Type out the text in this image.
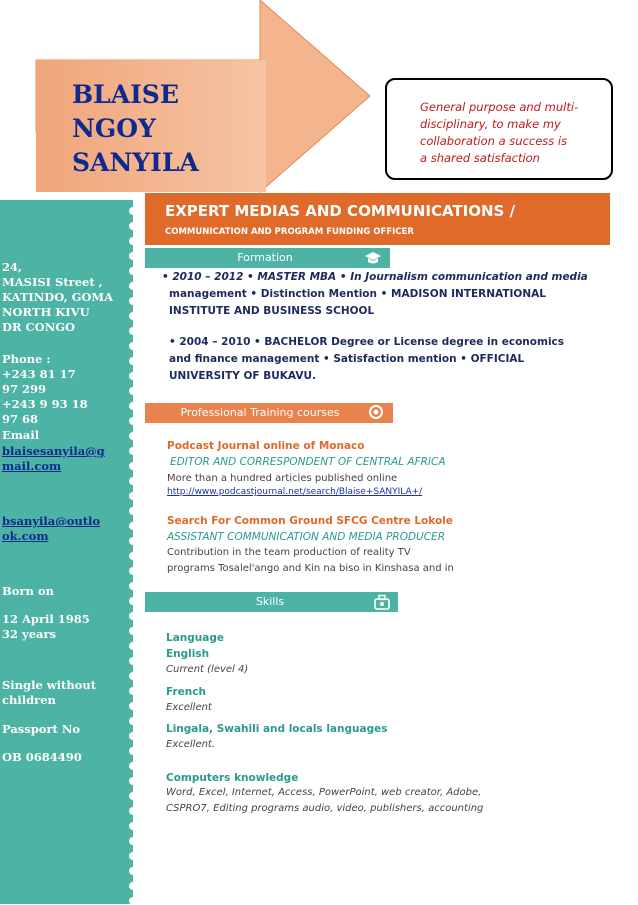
BLAISE
NGOY
SANYILA
General purpose and multi-
disciplinary, to make my
collaboration a success is
a shared satisfaction
24,
MASISI Street ,
KATINDO, GOMA
NORTH KIVU
DR CONGO
Phone :
+243 81 17
97 299
+243 9 93 18
97 68
Email
blaisesanyila@g
mail.com
bsanyila@outlo
ok.com
Born on
12 April 1985
32 years
Single without
children
Passport No
OB 0684490
EXPERT MEDIAS AND COMMUNICATIONS /
COMMUNICATION AND PROGRAM FUNDING OFFICER
Formation
• 2010 – 2012 • MASTER MBA • In Journalism communication and media
management • Distinction Mention • MADISON INTERNATIONAL
INSTITUTE AND BUSINESS SCHOOL
• 2004 – 2010 • BACHELOR Degree or License degree in economics
and finance management • Satisfaction mention • OFFICIAL
UNIVERSITY OF BUKAVU.
Professional Training courses
Podcast Journal online of Monaco
EDITOR AND CORRESPONDENT OF CENTRAL AFRICA
More than a hundred articles published online
http://www.podcastjournal.net/search/Blaise+SANYILA+/
Search For Common Ground SFCG Centre Lokole
ASSISTANT COMMUNICATION AND MEDIA PRODUCER
Contribution in the team production of reality TV
programs Tosalel'ango and Kin na biso in Kinshasa and in
Skills
Language
English
Current (level 4)
French
Excellent
Lingala, Swahili and locals languages
Excellent.
Computers knowledge
Word, Excel, Internet, Access, PowerPoint, web creator, Adobe,
CSPRO7, Editing programs audio, video, publishers, accounting
